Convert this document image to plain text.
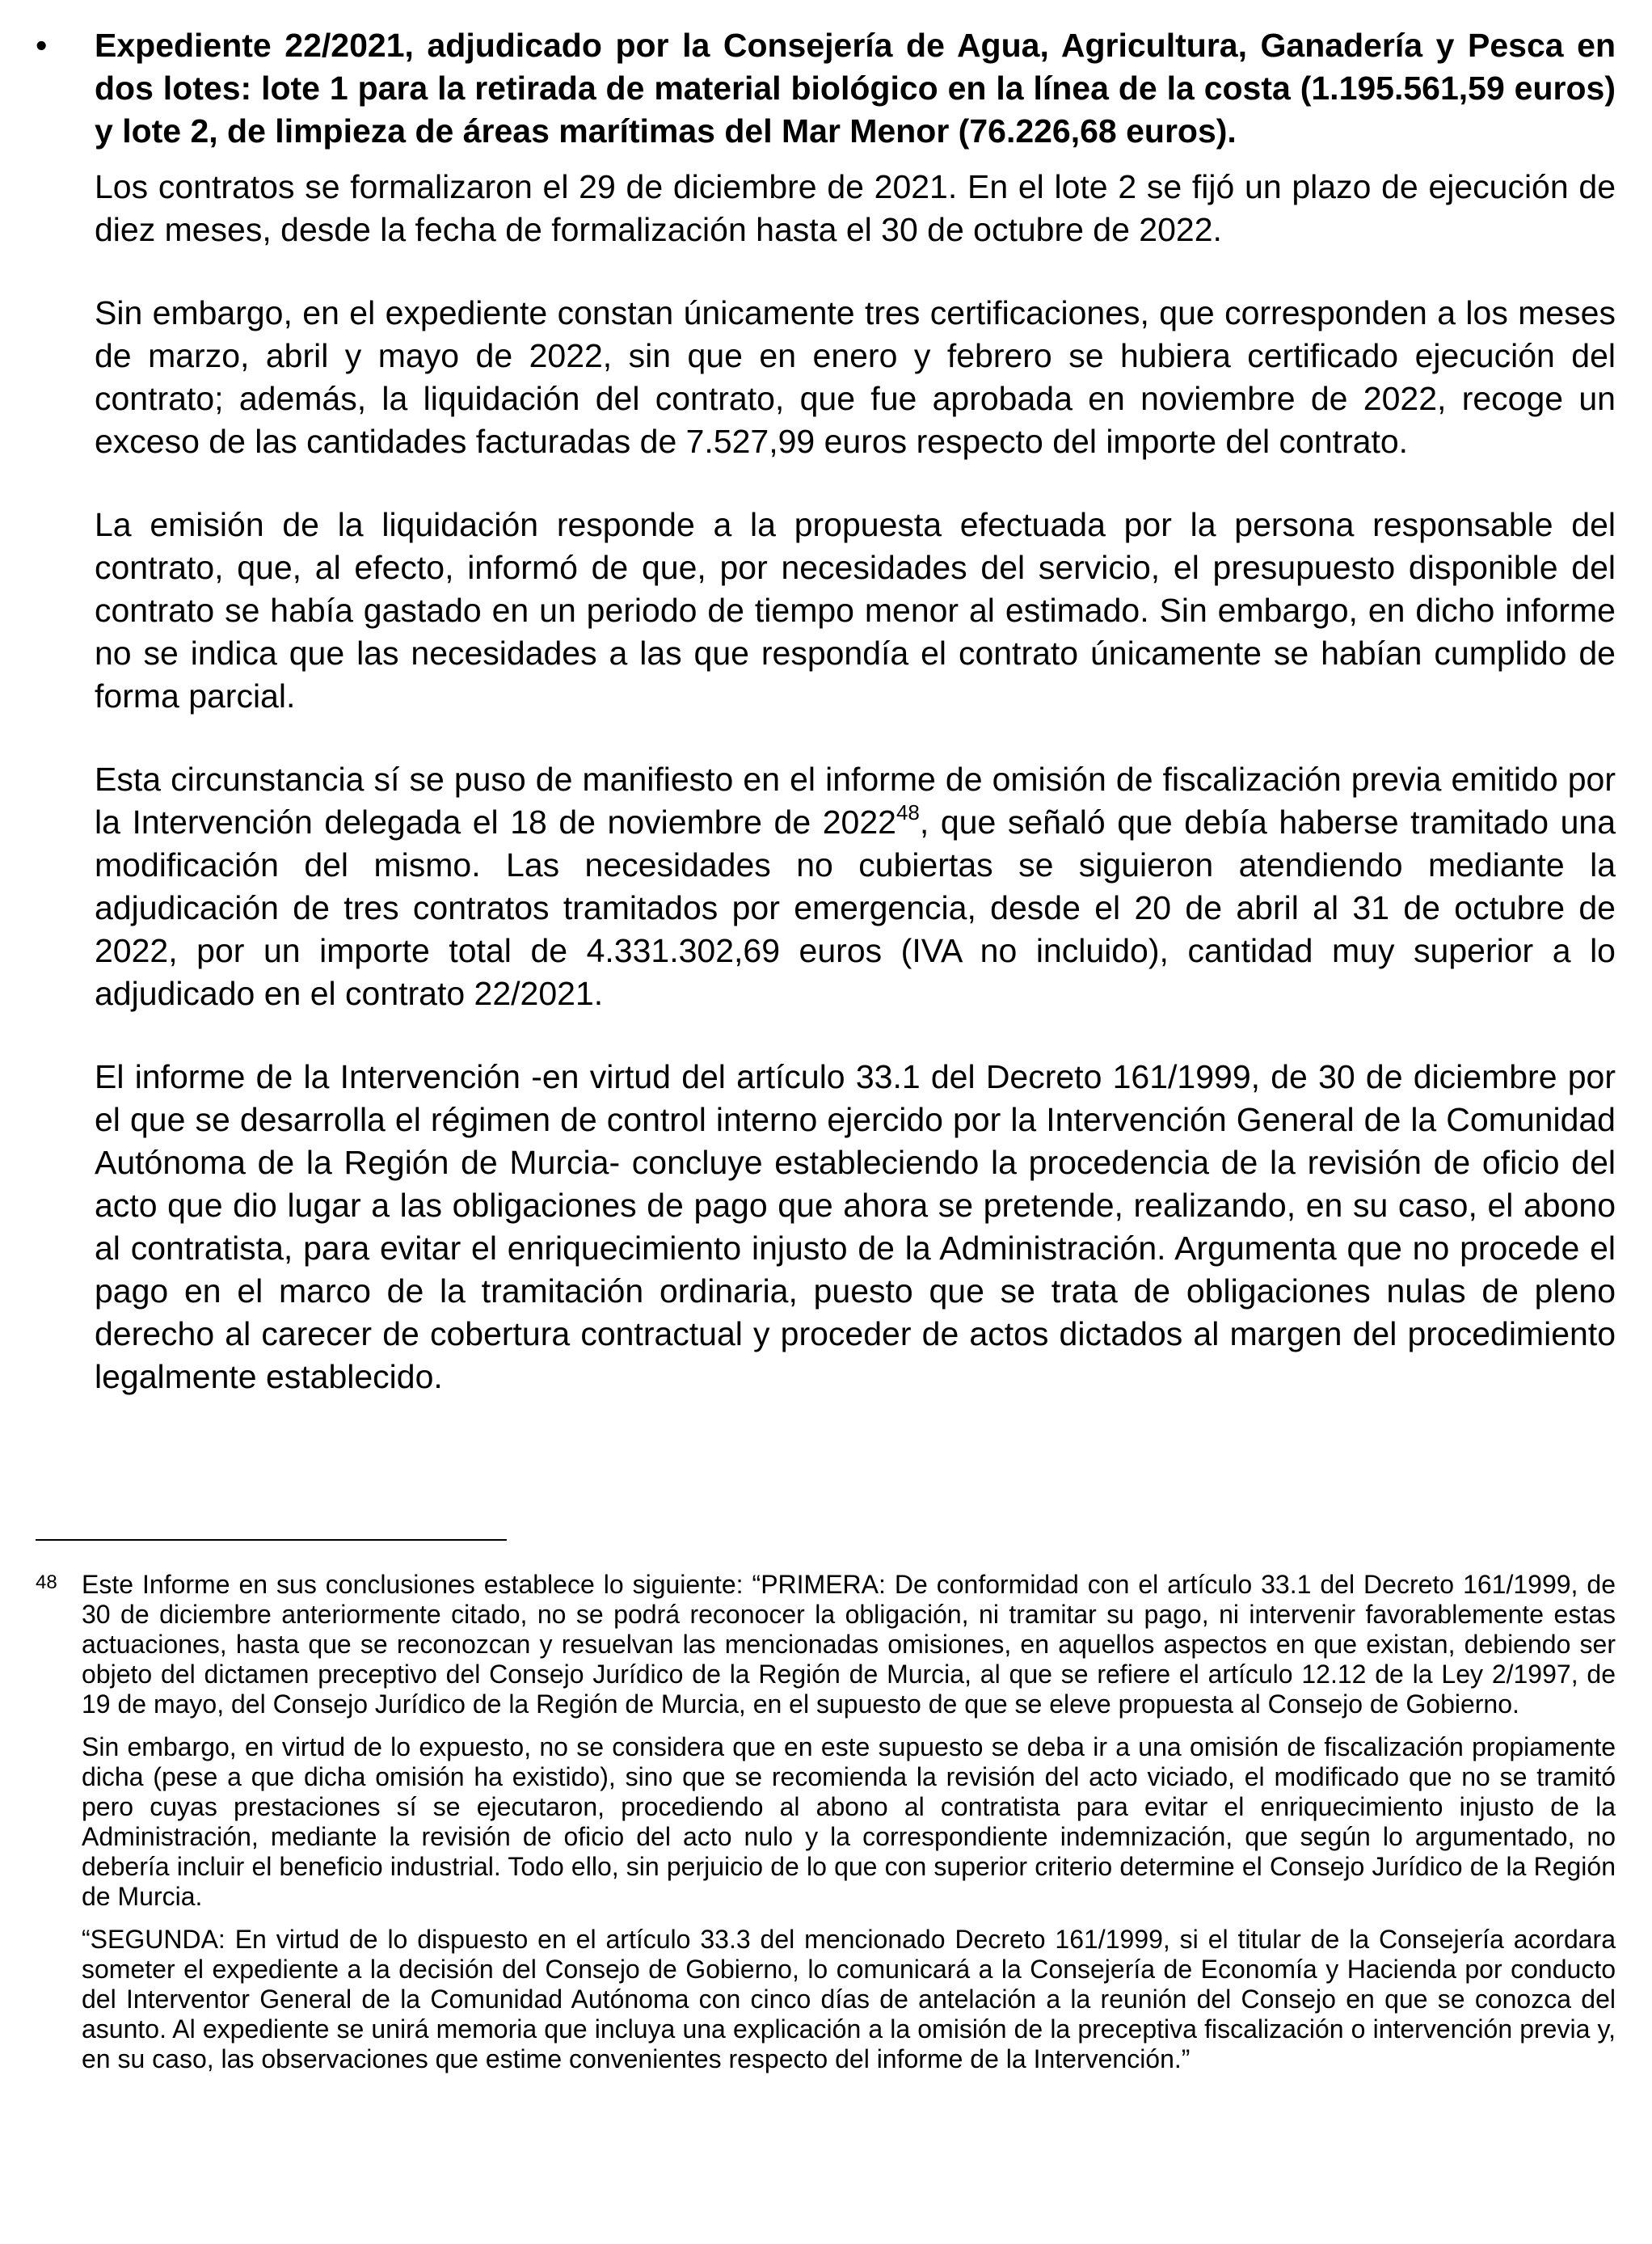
• Expediente 22/2021, adjudicado por la Consejería de Agua, Agricultura, Ganadería y Pesca en dos lotes: lote 1 para la retirada de material biológico en la línea de la costa (1.195.561,59 euros) y lote 2, de limpieza de áreas marítimas del Mar Menor (76.226,68 euros).

Los contratos se formalizaron el 29 de diciembre de 2021. En el lote 2 se fijó un plazo de ejecución de diez meses, desde la fecha de formalización hasta el 30 de octubre de 2022.

Sin embargo, en el expediente constan únicamente tres certificaciones, que corresponden a los meses de marzo, abril y mayo de 2022, sin que en enero y febrero se hubiera certificado ejecución del contrato; además, la liquidación del contrato, que fue aprobada en noviembre de 2022, recoge un exceso de las cantidades facturadas de 7.527,99 euros respecto del importe del contrato.

La emisión de la liquidación responde a la propuesta efectuada por la persona responsable del contrato, que, al efecto, informó de que, por necesidades del servicio, el presupuesto disponible del contrato se había gastado en un periodo de tiempo menor al estimado. Sin embargo, en dicho informe no se indica que las necesidades a las que respondía el contrato únicamente se habían cumplido de forma parcial.

Esta circunstancia sí se puso de manifiesto en el informe de omisión de fiscalización previa emitido por la Intervención delegada el 18 de noviembre de 2022$^{48}$, que señaló que debía haberse tramitado una modificación del mismo. Las necesidades no cubiertas se siguieron atendiendo mediante la adjudicación de tres contratos tramitados por emergencia, desde el 20 de abril al 31 de octubre de 2022, por un importe total de 4.331.302,69 euros (IVA no incluido), cantidad muy superior a lo adjudicado en el contrato 22/2021.

El informe de la Intervención -en virtud del artículo 33.1 del Decreto 161/1999, de 30 de diciembre por el que se desarrolla el régimen de control interno ejercido por la Intervención General de la Comunidad Autónoma de la Región de Murcia- concluye estableciendo la procedencia de la revisión de oficio del acto que dio lugar a las obligaciones de pago que ahora se pretende, realizando, en su caso, el abono al contratista, para evitar el enriquecimiento injusto de la Administración. Argumenta que no procede el pago en el marco de la tramitación ordinaria, puesto que se trata de obligaciones nulas de pleno derecho al carecer de cobertura contractual y proceder de actos dictados al margen del procedimiento legalmente establecido.

48 Este Informe en sus conclusiones establece lo siguiente: “PRIMERA: De conformidad con el artículo 33.1 del Decreto 161/1999, de 30 de diciembre anteriormente citado, no se podrá reconocer la obligación, ni tramitar su pago, ni intervenir favorablemente estas actuaciones, hasta que se reconozcan y resuelvan las mencionadas omisiones, en aquellos aspectos en que existan, debiendo ser objeto del dictamen preceptivo del Consejo Jurídico de la Región de Murcia, al que se refiere el artículo 12.12 de la Ley 2/1997, de 19 de mayo, del Consejo Jurídico de la Región de Murcia, en el supuesto de que se eleve propuesta al Consejo de Gobierno.

Sin embargo, en virtud de lo expuesto, no se considera que en este supuesto se deba ir a una omisión de fiscalización propiamente dicha (pese a que dicha omisión ha existido), sino que se recomienda la revisión del acto viciado, el modificado que no se tramitó pero cuyas prestaciones sí se ejecutaron, procediendo al abono al contratista para evitar el enriquecimiento injusto de la Administración, mediante la revisión de oficio del acto nulo y la correspondiente indemnización, que según lo argumentado, no debería incluir el beneficio industrial. Todo ello, sin perjuicio de lo que con superior criterio determine el Consejo Jurídico de la Región de Murcia.

“SEGUNDA: En virtud de lo dispuesto en el artículo 33.3 del mencionado Decreto 161/1999, si el titular de la Consejería acordara someter el expediente a la decisión del Consejo de Gobierno, lo comunicará a la Consejería de Economía y Hacienda por conducto del Interventor General de la Comunidad Autónoma con cinco días de antelación a la reunión del Consejo en que se conozca del asunto. Al expediente se unirá memoria que incluya una explicación a la omisión de la preceptiva fiscalización o intervención previa y, en su caso, las observaciones que estime convenientes respecto del informe de la Intervención.”
